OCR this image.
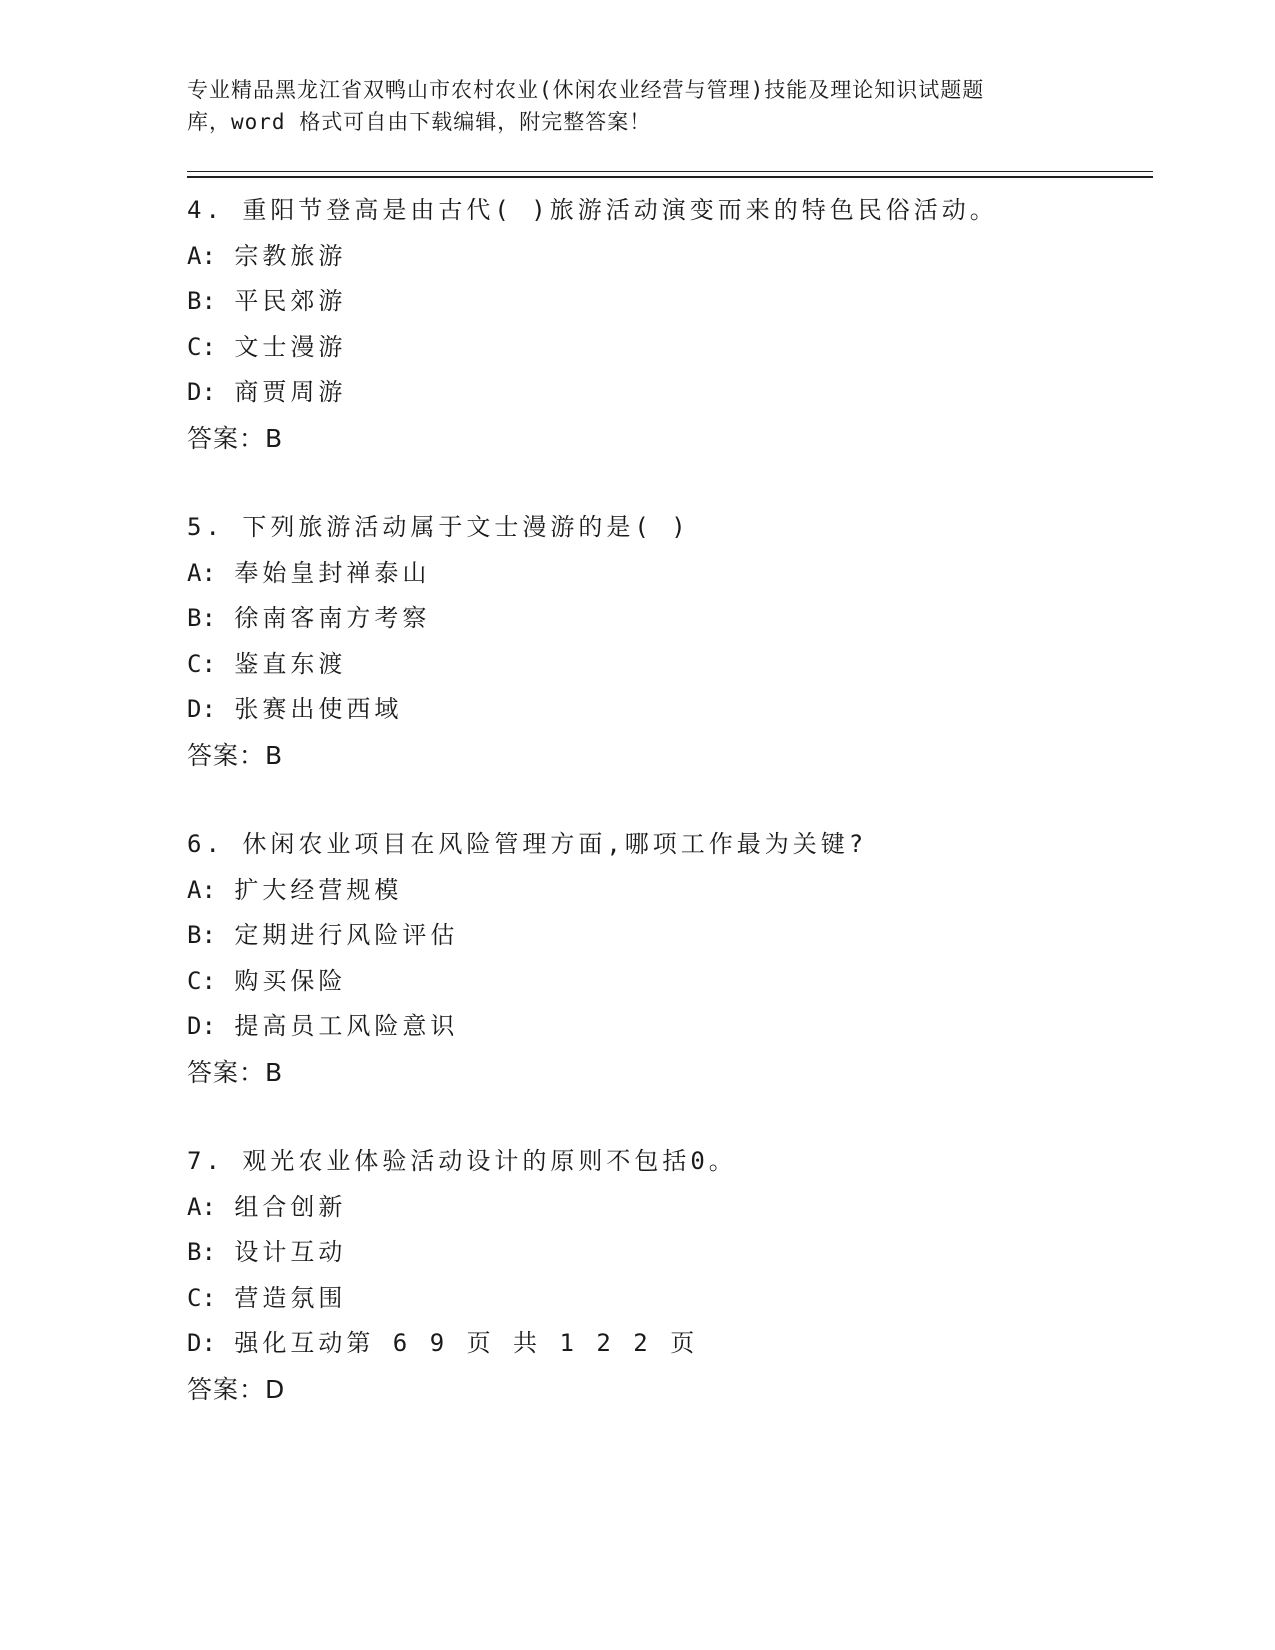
专业精品黑龙江省双鸭山市农村农业(休闲农业经营与管理)技能及理论知识试题题
库，word 格式可自由下载编辑，附完整答案！
4. 重阳节登高是由古代( )旅游活动演变而来的特色民俗活动。
A: 宗教旅游
B: 平民郊游
C: 文士漫游
D: 商贾周游
答案：B
5. 下列旅游活动属于文士漫游的是( )
A: 奉始皇封禅泰山
B: 徐南客南方考察
C: 鉴直东渡
D: 张赛出使西域
答案：B
6. 休闲农业项目在风险管理方面,哪项工作最为关键?
A: 扩大经营规模
B: 定期进行风险评估
C: 购买保险
D: 提高员工风险意识
答案：B
7. 观光农业体验活动设计的原则不包括0。
A: 组合创新
B: 设计互动
C: 营造氛围
D: 强化互动第 6 9 页 共 1 2 2 页
答案：D
